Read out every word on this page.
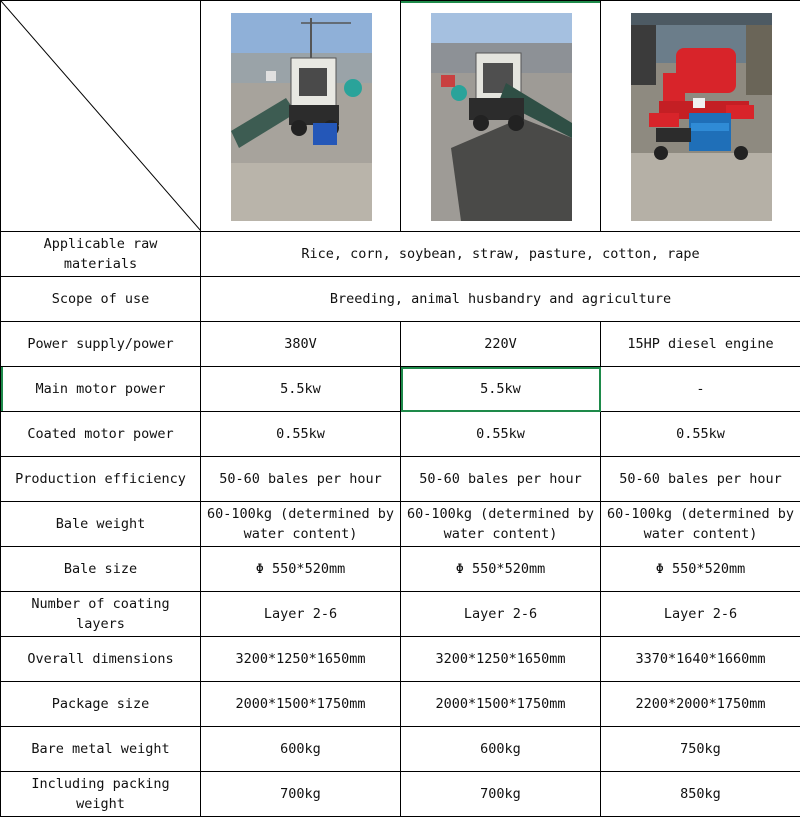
Applicable raw materials	Rice, corn, soybean, straw, pasture, cotton, rape		
Scope of use	Breeding, animal husbandry and agriculture		
Power supply/power	380V	220V	15HP diesel engine
Main motor power	5.5kw	5.5kw	-
Coated motor power	0.55kw	0.55kw	0.55kw
Production efficiency	50-60 bales per hour	50-60 bales per hour	50-60 bales per hour
Bale weight	60-100kg (determined by water content)	60-100kg (determined by water content)	60-100kg (determined by water content)

Bale size	Φ 550*520mm	Φ 550*520mm	Φ 550*520mm
Number of coating layers	Layer 2-6	Layer 2-6	Layer 2-6
Overall dimensions	3200*1250*1650mm	3200*1250*1650mm	3370*1640*1660mm
Package size	2000*1500*1750mm	2000*1500*1750mm	2200*2000*1750mm
Bare metal weight	600kg	600kg	750kg
Including packing weight	700kg	700kg	850kg
